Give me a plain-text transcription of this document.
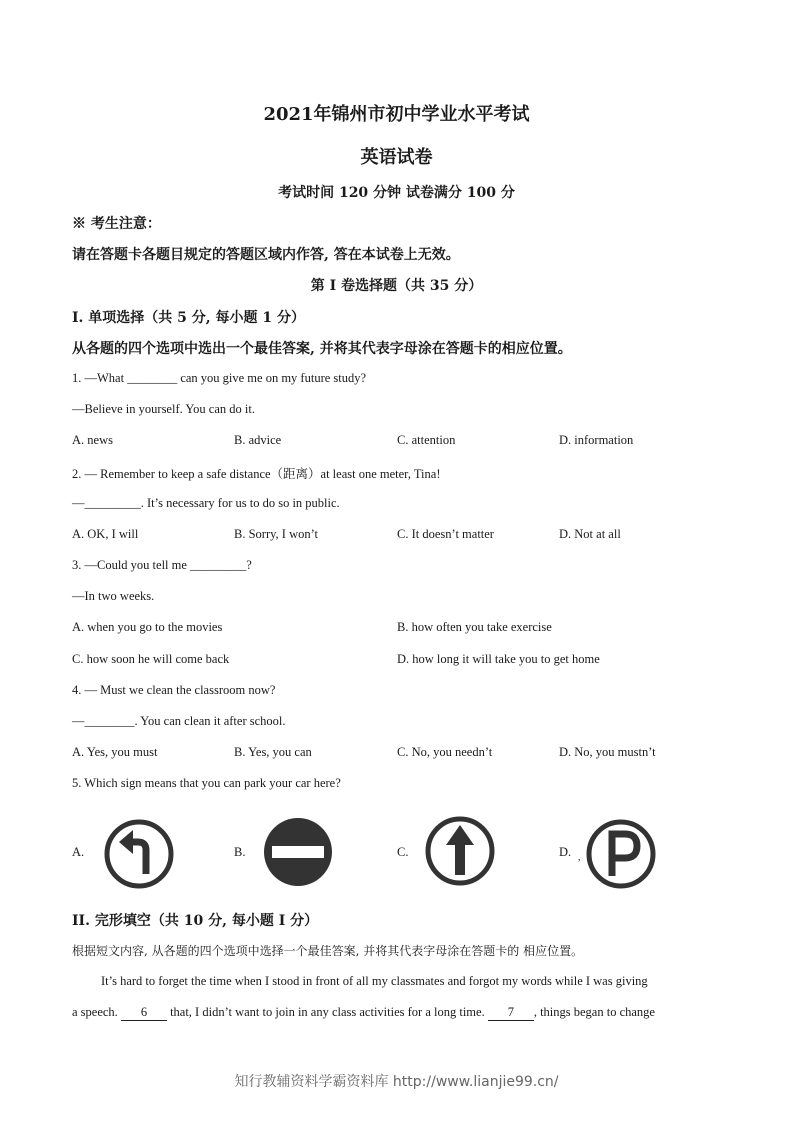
2021年锦州市初中学业水平考试
英语试卷
考试时间 120 分钟 试卷满分 100 分
※ 考生注意：
请在答题卡各题目规定的答题区域内作答, 答在本试卷上无效。
第 I 卷选择题（共 35 分）
I. 单项选择（共 5 分, 每小题 1 分）
从各题的四个选项中选出一个最佳答案, 并将其代表字母涂在答题卡的相应位置。
1. —What ________ can you give me on my future study?
—Believe in yourself. You can do it.
A. news	B. advice	C. attention	D. information
2. — Remember to keep a safe distance（距离）at least one meter, Tina!
—_________. It’s necessary for us to do so in public.
A. OK, I will	B. Sorry, I won’t	C. It doesn’t matter	D. Not at all
3. —Could you tell me _________?
—In two weeks.
A. when you go to the movies	B. how often you take exercise
C. how soon he will come back	D. how long it will take you to get home
4. — Must we clean the classroom now?
—________. You can clean it after school.
A. Yes, you must	B. Yes, you can	C. No, you needn’t	D. No, you mustn’t
5. Which sign means that you can park your car here?
A.	B.	C.	D. ,
II. 完形填空（共 10 分, 每小题 I 分）
根据短文内容, 从各题的四个选项中选择一个最佳答案, 并将其代表字母涂在答题卡的 相应位置。
It’s hard to forget the time when I stood in front of all my classmates and forgot my words while I was giving
a speech. 6 that, I didn’t want to join in any class activities for a long time. 7 , things began to change
知行教辅资料学霸资料库 http://www.lianjie99.cn/
